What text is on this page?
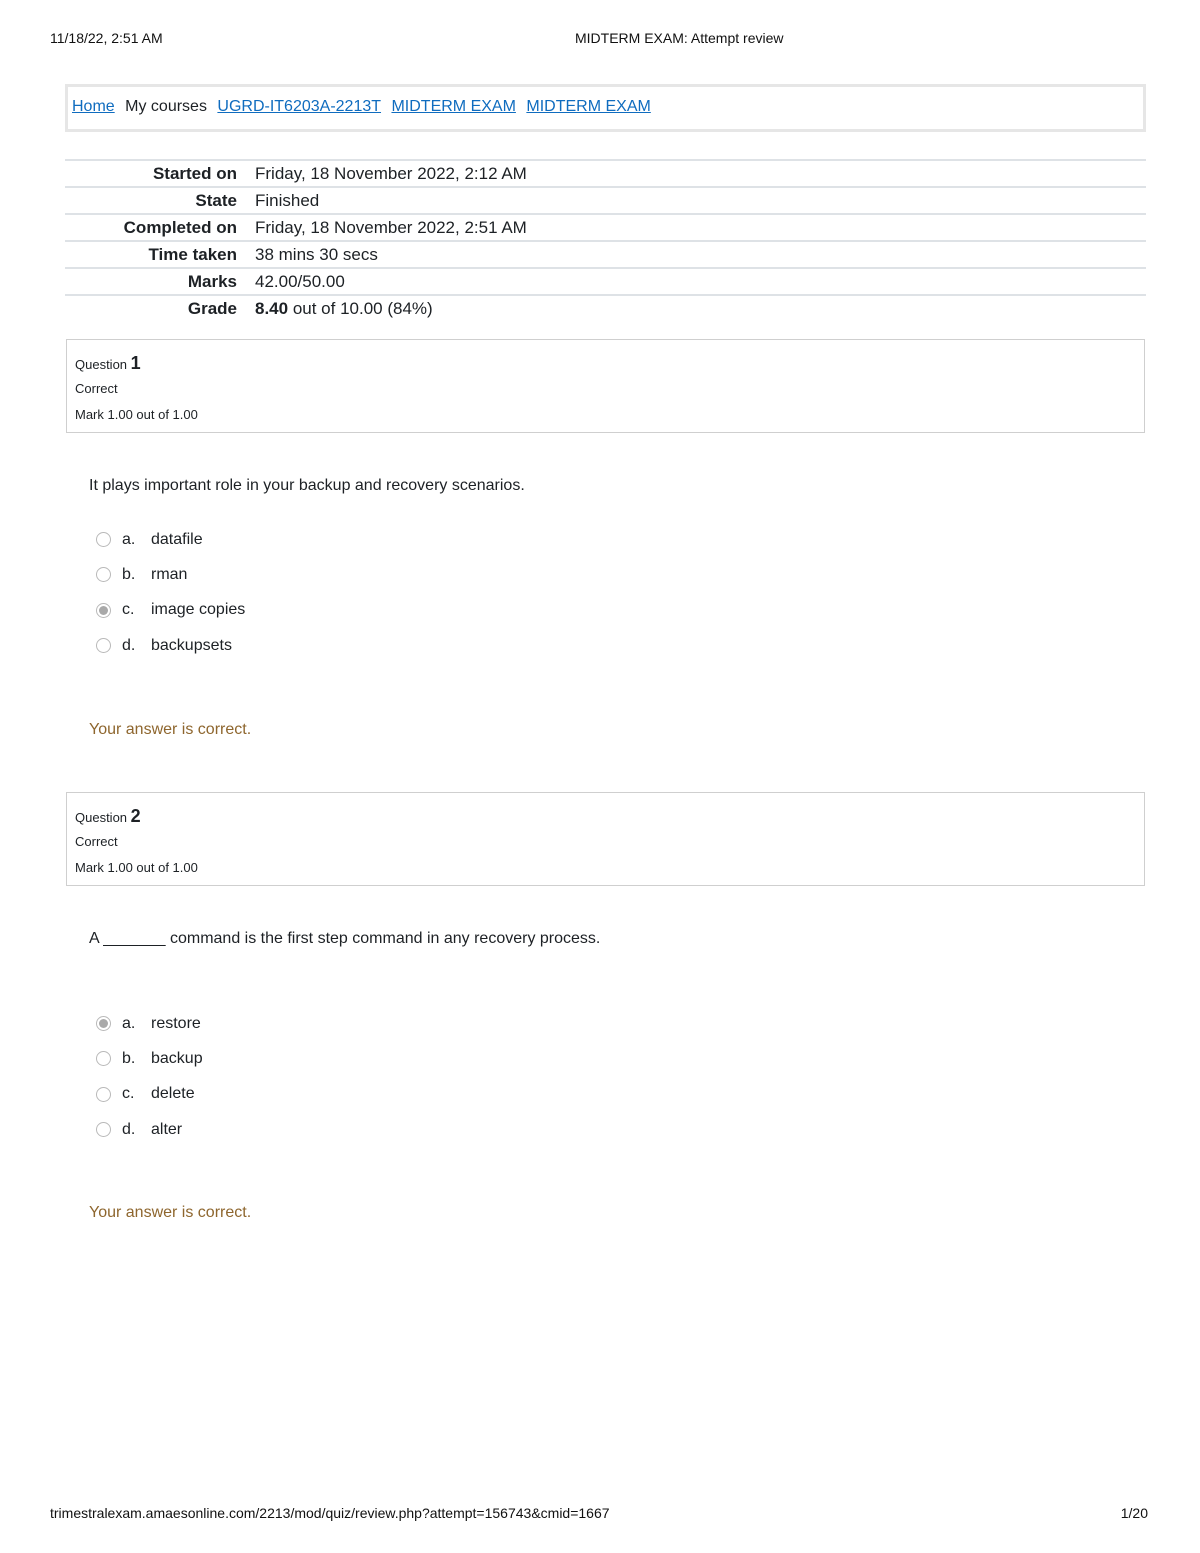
11/18/22, 2:51 AM	MIDTERM EXAM: Attempt review
Home My courses UGRD-IT6203A-2213T MIDTERM EXAM MIDTERM EXAM
Started on	Friday, 18 November 2022, 2:12 AM
State	Finished
Completed on	Friday, 18 November 2022, 2:51 AM
Time taken	38 mins 30 secs
Marks	42.00/50.00
Grade	8.40 out of 10.00 (84%)
Question 1
Correct
Mark 1.00 out of 1.00
It plays important role in your backup and recovery scenarios.
a. datafile
b. rman
c.	image copies
d. backupsets
Your answer is correct.
Question 2
Correct
Mark 1.00 out of 1.00
A _______ command is the first step command in any recovery process.
a. restore
b. backup
c.	delete
d. alter
Your answer is correct.
trimestralexam.amaesonline.com/2213/mod/quiz/review.php?attempt=156743&cmid=1667	1/20
